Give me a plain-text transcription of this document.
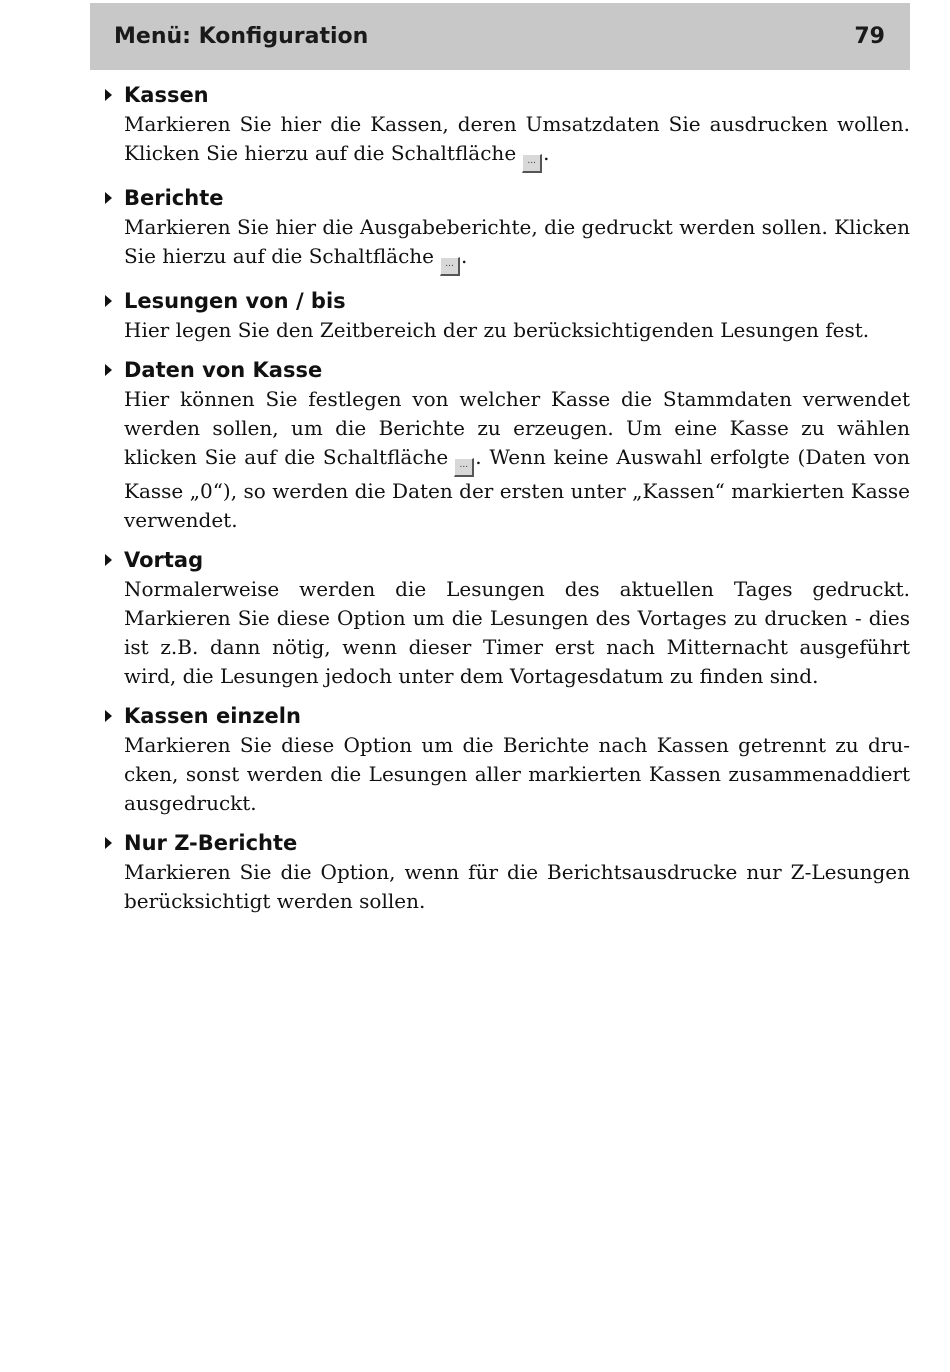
Menü: Konfiguration	79
Kassen
Markieren Sie hier die Kassen, deren Umsatzdaten Sie ausdrucken wollen. Klicken Sie hierzu auf die Schaltfläche ... .
Berichte
Markieren Sie hier die Ausgabeberichte, die gedruckt werden sollen. Klicken Sie hierzu auf die Schaltfläche ... .
Lesungen von / bis
Hier legen Sie den Zeitbereich der zu berücksichtigenden Lesungen fest.
Daten von Kasse
Hier können Sie festlegen von welcher Kasse die Stammdaten verwendet werden sollen, um die Berichte zu erzeugen. Um eine Kasse zu wählen klicken Sie auf die Schaltfläche ... . Wenn keine Auswahl erfolgte (Daten von Kasse „0“), so werden die Daten der ersten unter „Kassen“ markierten Kasse verwendet.
Vortag
Normalerweise werden die Lesungen des aktuellen Tages gedruckt. Markieren Sie diese Option um die Lesungen des Vortages zu drucken - dies ist z.B. dann nötig, wenn dieser Timer erst nach Mitternacht ausgeführt wird, die Lesungen jedoch unter dem Vortagesdatum zu finden sind.
Kassen einzeln
Markieren Sie diese Option um die Berichte nach Kassen getrennt zu drucken, sonst werden die Lesungen aller markierten Kassen zusammenaddiert ausgedruckt.
Nur Z-Berichte
Markieren Sie die Option, wenn für die Berichtsausdrucke nur Z-Lesungen berücksichtigt werden sollen.
